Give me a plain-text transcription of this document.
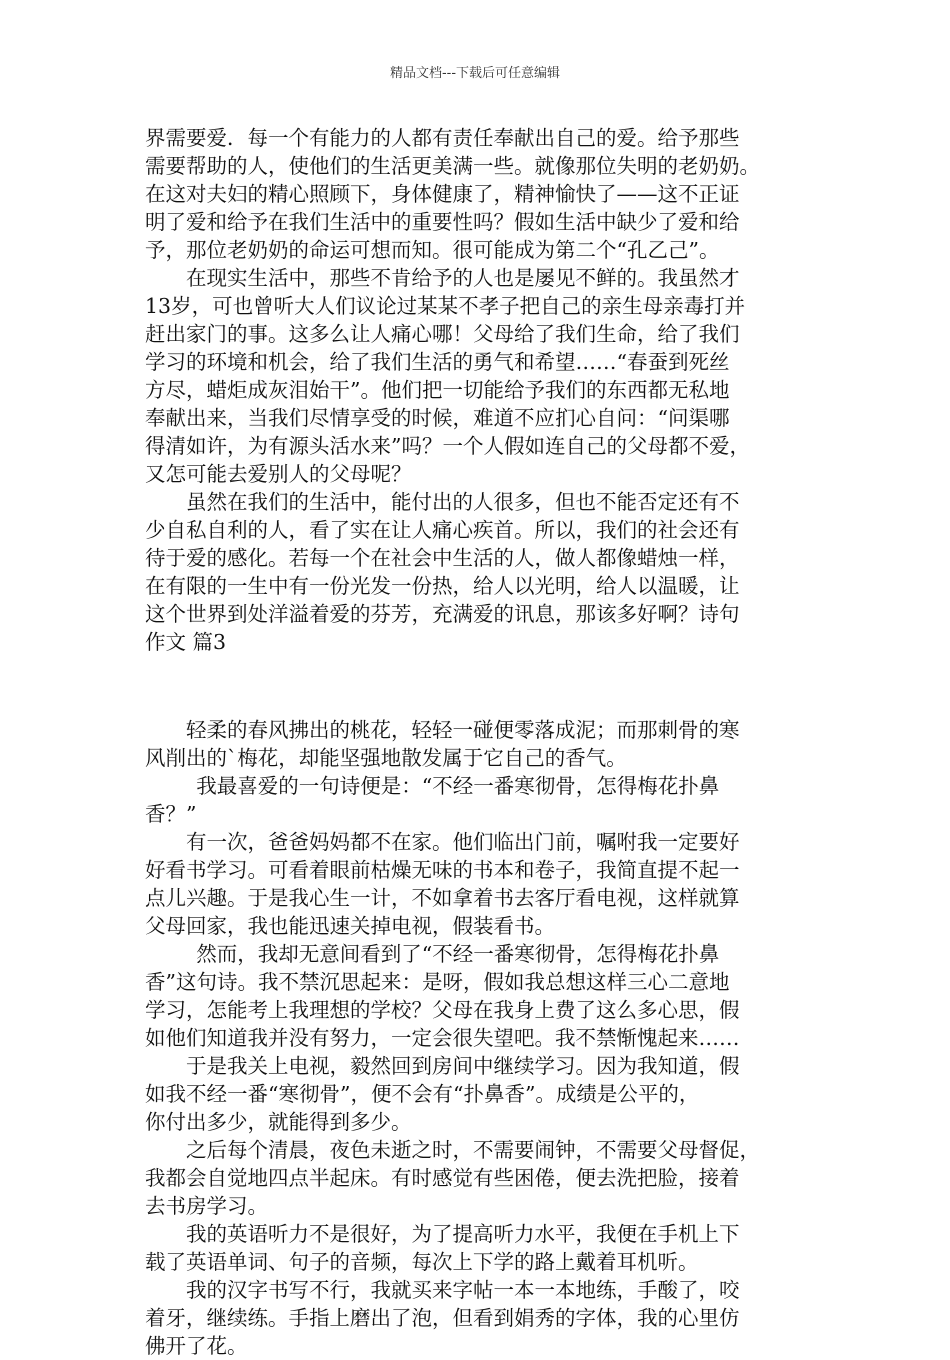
精品文档---下载后可任意编辑
界需要爱．每一个有能力的人都有责任奉献出自己的爱。给予那些
需要帮助的人，使他们的生活更美满一些。就像那位失明的老奶奶。
在这对夫妇的精心照顾下，身体健康了，精神愉快了——这不正证
明了爱和给予在我们生活中的重要性吗？假如生活中缺少了爱和给
予，那位老奶奶的命运可想而知。很可能成为第二个“孔乙己”。
在现实生活中，那些不肯给予的人也是屡见不鲜的。我虽然才
13岁，可也曾听大人们议论过某某不孝子把自己的亲生母亲毒打并
赶出家门的事。这多么让人痛心哪！父母给了我们生命，给了我们
学习的环境和机会，给了我们生活的勇气和希望……“春蚕到死丝
方尽，蜡炬成灰泪始干”。他们把一切能给予我们的东西都无私地
奉献出来，当我们尽情享受的时候，难道不应扪心自问：“问渠哪
得清如许，为有源头活水来”吗？一个人假如连自己的父母都不爱，
又怎可能去爱别人的父母呢？
虽然在我们的生活中，能付出的人很多，但也不能否定还有不
少自私自利的人，看了实在让人痛心疾首。所以，我们的社会还有
待于爱的感化。若每一个在社会中生活的人，做人都像蜡烛一样，
在有限的一生中有一份光发一份热，给人以光明，给人以温暖，让
这个世界到处洋溢着爱的芬芳，充满爱的讯息，那该多好啊？诗句
作文 篇3
轻柔的春风拂出的桃花，轻轻一碰便零落成泥；而那刺骨的寒
风削出的`梅花，却能坚强地散发属于它自己的香气。
我最喜爱的一句诗便是：“不经一番寒彻骨，怎得梅花扑鼻
香？”
有一次，爸爸妈妈都不在家。他们临出门前，嘱咐我一定要好
好看书学习。可看着眼前枯燥无味的书本和卷子，我简直提不起一
点儿兴趣。于是我心生一计，不如拿着书去客厅看电视，这样就算
父母回家，我也能迅速关掉电视，假装看书。
然而，我却无意间看到了“不经一番寒彻骨，怎得梅花扑鼻
香”这句诗。我不禁沉思起来：是呀，假如我总想这样三心二意地
学习，怎能考上我理想的学校？父母在我身上费了这么多心思，假
如他们知道我并没有努力，一定会很失望吧。我不禁惭愧起来……
于是我关上电视，毅然回到房间中继续学习。因为我知道，假
如我不经一番“寒彻骨”，便不会有“扑鼻香”。成绩是公平的，
你付出多少，就能得到多少。
之后每个清晨，夜色未逝之时，不需要闹钟，不需要父母督促，
我都会自觉地四点半起床。有时感觉有些困倦，便去洗把脸，接着
去书房学习。
我的英语听力不是很好，为了提高听力水平，我便在手机上下
载了英语单词、句子的音频，每次上下学的路上戴着耳机听。
我的汉字书写不行，我就买来字帖一本一本地练，手酸了，咬
着牙，继续练。手指上磨出了泡，但看到娟秀的字体，我的心里仿
佛开了花。
